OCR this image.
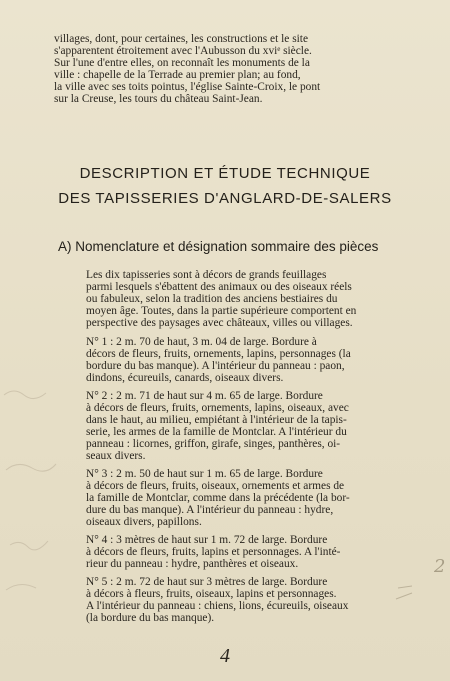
villages, dont, pour certaines, les constructions et le site
s'apparentent étroitement avec l'Aubusson du xviᵉ siècle.
Sur l'une d'entre elles, on reconnaît les monuments de la
ville : chapelle de la Terrade au premier plan; au fond,
la ville avec ses toits pointus, l'église Sainte-Croix, le pont
sur la Creuse, les tours du château Saint-Jean.
DESCRIPTION ET ÉTUDE TECHNIQUE
DES TAPISSERIES D'ANGLARD-DE-SALERS
A) Nomenclature et désignation sommaire des pièces
Les dix tapisseries sont à décors de grands feuillages
parmi lesquels s'ébattent des animaux ou des oiseaux réels
ou fabuleux, selon la tradition des anciens bestiaires du
moyen âge. Toutes, dans la partie supérieure comportent en
perspective des paysages avec châteaux, villes ou villages.
N° 1 : 2 m. 70 de haut, 3 m. 04 de large. Bordure à
décors de fleurs, fruits, ornements, lapins, personnages (la
bordure du bas manque). A l'intérieur du panneau : paon,
dindons, écureuils, canards, oiseaux divers.
N° 2 : 2 m. 71 de haut sur 4 m. 65 de large. Bordure
à décors de fleurs, fruits, ornements, lapins, oiseaux, avec
dans le haut, au milieu, empiétant à l'intérieur de la tapis-
serie, les armes de la famille de Montclar. A l'intérieur du
panneau : licornes, griffon, girafe, singes, panthères, oi-
seaux divers.
N° 3 : 2 m. 50 de haut sur 1 m. 65 de large. Bordure
à décors de fleurs, fruits, oiseaux, ornements et armes de
la famille de Montclar, comme dans la précédente (la bor-
dure du bas manque). A l'intérieur du panneau : hydre,
oiseaux divers, papillons.
N° 4 : 3 mètres de haut sur 1 m. 72 de large. Bordure
à décors de fleurs, fruits, lapins et personnages. A l'inté-
rieur du panneau : hydre, panthères et oiseaux.
N° 5 : 2 m. 72 de haut sur 3 mètres de large. Bordure
à décors à fleurs, fruits, oiseaux, lapins et personnages.
A l'intérieur du panneau : chiens, lions, écureuils, oiseaux
(la bordure du bas manque).
4
2
